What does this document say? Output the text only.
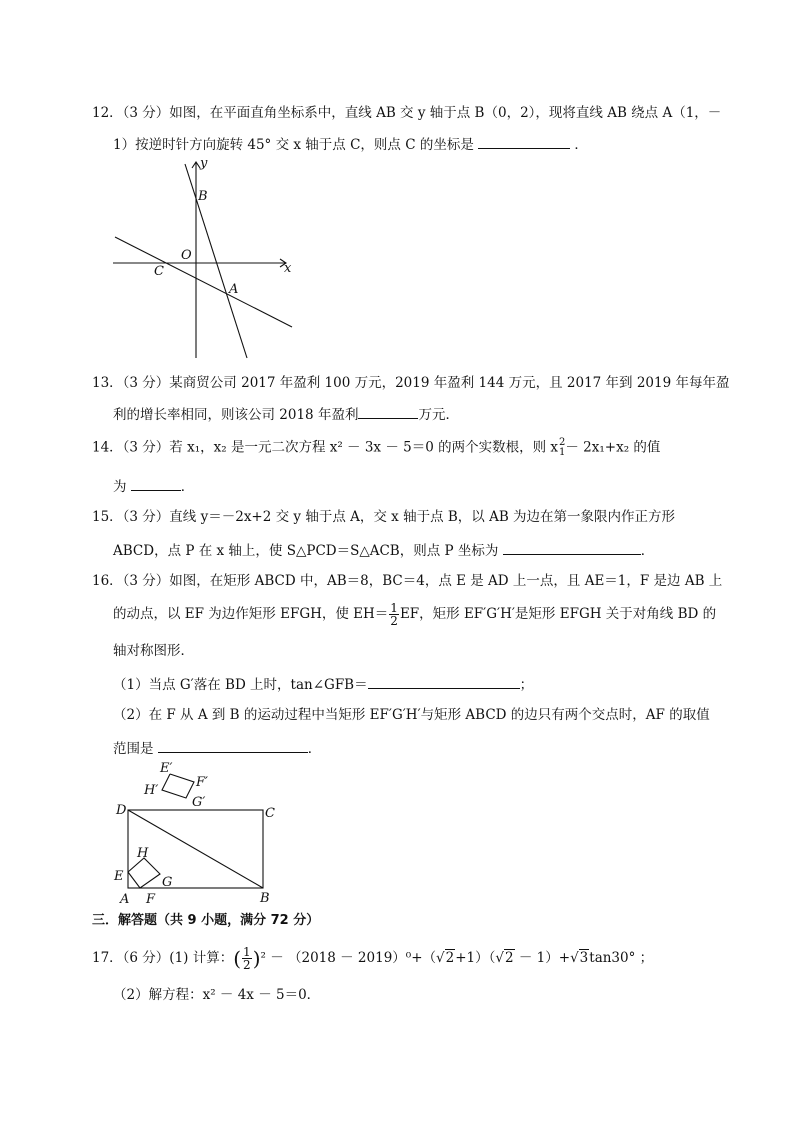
12．（3 分）如图，在平面直角坐标系中，直线 AB 交 y 轴于点 B（0，2），现将直线 AB 绕点 A（1，－
1）按逆时针方向旋转 45° 交 x 轴于点 C，则点 C 的坐标是	．
y
x
B
O
C
A
13．（3 分）某商贸公司 2017 年盈利 100 万元，2019 年盈利 144 万元，且 2017 年到 2019 年每年盈
利的增长率相同，则该公司 2018 年盈利	万元．
14．（3 分）若 x₁，x₂ 是一元二次方程 x² － 3x － 5＝0 的两个实数根，则 x 2
1 － 2x₁+x₂ 的值
为	．
15．（3 分）直线 y＝－2x+2 交 y 轴于点 A，交 x 轴于点 B，以 AB 为边在第一象限内作正方形
ABCD，点 P 在 x 轴上，使 S△PCD＝S△ACB，则点 P 坐标为	．
16．（3 分）如图，在矩形 ABCD 中，AB＝8，BC＝4，点 E 是 AD 上一点，且 AE＝1，F 是边 AB 上
的动点，以 EF 为边作矩形 EFGH，使 $EH= \frac{1}{2}$ EF，矩形 EF′G′H′是矩形 EFGH 关于对角线 BD 的
轴对称图形．
（1）当点 G′落在 BD 上时，tan∠GFB＝	；
（2）在 F 从 A 到 B 的运动过程中当矩形 EF′G′H′与矩形 ABCD 的边只有两个交点时，AF 的取值
范围是	．
E′
F′
H′
G′
D	C
H
E	G
A F	B
三．解答题（共 9 小题，满分 72 分）
17．（6 分）(1) 计算：( $\frac{1}{2} )^2 - (2018 - 2019)^0+(√2+1)(√2 - 1)+√3\tan 30^\circ$ ；
（2）解方程：x² － 4x － 5＝0．
